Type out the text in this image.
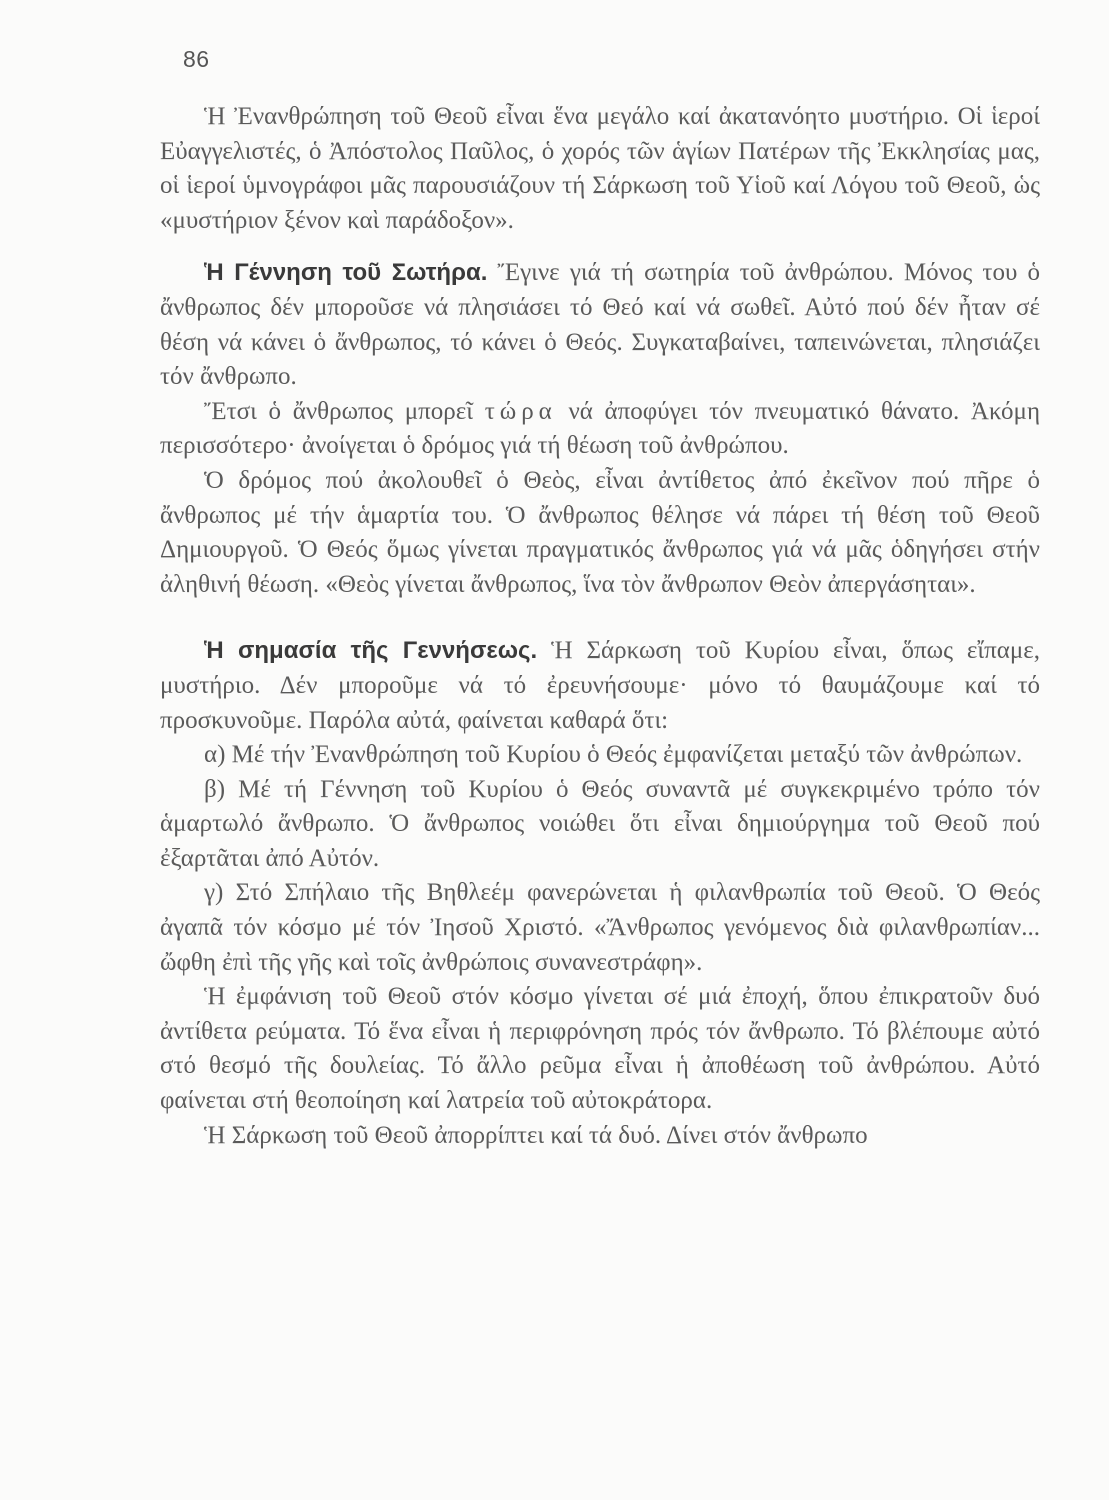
86

Ἡ Ἐνανθρώπηση τοῦ Θεοῦ εἶναι ἕνα μεγάλο καί ἀκατανόητο μυστήριο. Οἱ ἱεροί Εὐαγγελιστές, ὁ Ἀπόστολος Παῦλος, ὁ χορός τῶν ἁγίων Πατέρων τῆς Ἐκκλησίας μας, οἱ ἱεροί ὑμνογράφοι μᾶς παρουσιάζουν τή Σάρκωση τοῦ Υἱοῦ καί Λόγου τοῦ Θεοῦ, ὡς «μυστήριον ξένον καὶ παράδοξον».

Ἡ Γέννηση τοῦ Σωτήρα. Ἔγινε γιά τή σωτηρία τοῦ ἀνθρώπου. Μόνος του ὁ ἄνθρωπος δέν μποροῦσε νά πλησιάσει τό Θεό καί νά σωθεῖ. Αὐτό πού δέν ἦταν σέ θέση νά κάνει ὁ ἄνθρωπος, τό κάνει ὁ Θεός. Συγκαταβαίνει, ταπεινώνεται, πλησιάζει τόν ἄνθρωπο.

Ἔτσι ὁ ἄνθρωπος μπορεῖ τώρα νά ἀποφύγει τόν πνευματικό θάνατο. Ἀκόμη περισσότερο· ἀνοίγεται ὁ δρόμος γιά τή θέωση τοῦ ἀνθρώπου.

Ὁ δρόμος πού ἀκολουθεῖ ὁ Θεὸς, εἶναι ἀντίθετος ἀπό ἐκεῖνον πού πῆρε ὁ ἄνθρωπος μέ τήν ἁμαρτία του. Ὁ ἄνθρωπος θέλησε νά πάρει τή θέση τοῦ Θεοῦ Δημιουργοῦ. Ὁ Θεός ὅμως γίνεται πραγματικός ἄνθρωπος γιά νά μᾶς ὁδηγήσει στήν ἀληθινή θέωση. «Θεὸς γίνεται ἄνθρωπος, ἵνα τὸν ἄνθρωπον Θεὸν ἀπεργάσηται».

Ἡ σημασία τῆς Γεννήσεως. Ἡ Σάρκωση τοῦ Κυρίου εἶναι, ὅπως εἴπαμε, μυστήριο. Δέν μποροῦμε νά τό ἐρευνήσουμε· μόνο τό θαυμάζουμε καί τό προσκυνοῦμε. Παρόλα αὐτά, φαίνεται καθαρά ὅτι:

α) Μέ τήν Ἐνανθρώπηση τοῦ Κυρίου ὁ Θεός ἐμφανίζεται μεταξύ τῶν ἀνθρώπων.

β) Μέ τή Γέννηση τοῦ Κυρίου ὁ Θεός συναντᾶ μέ συγκεκριμένο τρόπο τόν ἁμαρτωλό ἄνθρωπο. Ὁ ἄνθρωπος νοιώθει ὅτι εἶναι δημιούργημα τοῦ Θεοῦ πού ἐξαρτᾶται ἀπό Αὐτόν.

γ) Στό Σπήλαιο τῆς Βηθλεέμ φανερώνεται ἡ φιλανθρωπία τοῦ Θεοῦ. Ὁ Θεός ἀγαπᾶ τόν κόσμο μέ τόν Ἰησοῦ Χριστό. «Ἄνθρωπος γενόμενος διὰ φιλανθρωπίαν... ὤφθη ἐπὶ τῆς γῆς καὶ τοῖς ἀνθρώποις συνανεστράφη».

Ἡ ἐμφάνιση τοῦ Θεοῦ στόν κόσμο γίνεται σέ μιά ἐποχή, ὅπου ἐπικρατοῦν δυό ἀντίθετα ρεύματα. Τό ἕνα εἶναι ἡ περιφρόνηση πρός τόν ἄνθρωπο. Τό βλέπουμε αὐτό στό θεσμό τῆς δουλείας. Τό ἄλλο ρεῦμα εἶναι ἡ ἀποθέωση τοῦ ἀνθρώπου. Αὐτό φαίνεται στή θεοποίηση καί λατρεία τοῦ αὐτοκράτορα.

Ἡ Σάρκωση τοῦ Θεοῦ ἀπορρίπτει καί τά δυό. Δίνει στόν ἄνθρωπο
